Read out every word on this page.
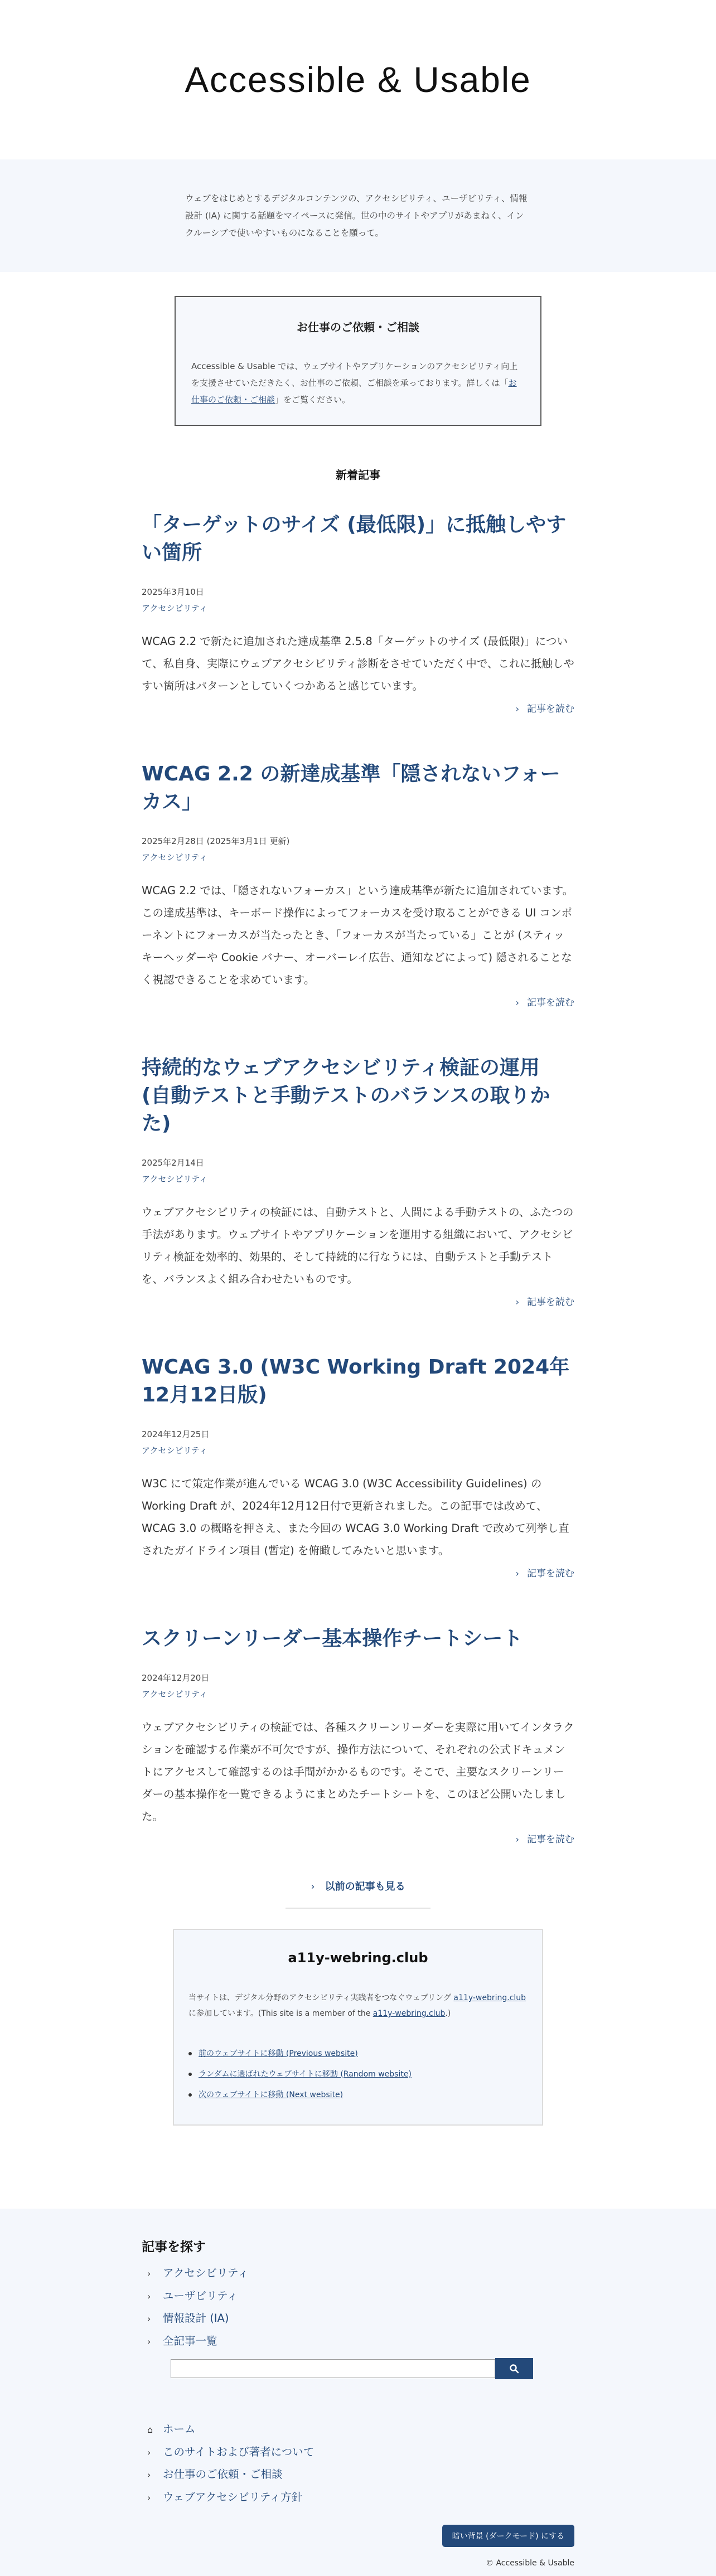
Accessible & Usable

ウェブをはじめとするデジタルコンテンツの、アクセシビリティ、ユーザビリティ、情報設計 (IA) に関する話題をマイペースに発信。世の中のサイトやアプリがあまねく、インクルーシブで使いやすいものになることを願って。

お仕事のご依頼・ご相談

Accessible & Usable では、ウェブサイトやアプリケーションのアクセシビリティ向上を支援させていただきたく、お仕事のご依頼、ご相談を承っております。詳しくは「お仕事のご依頼・ご相談」をご覧ください。

新着記事
「ターゲットのサイズ (最低限)」に抵触しやすい箇所
2025年3月10日
アクセシビリティ

WCAG 2.2 で新たに追加された達成基準 2.5.8「ターゲットのサイズ (最低限)」について、私自身、実際にウェブアクセシビリティ診断をさせていただく中で、これに抵触しやすい箇所はパターンとしていくつかあると感じています。

› 記事を読む
WCAG 2.2 の新達成基準「隠されないフォーカス」
2025年2月28日 (2025年3月1日 更新)
アクセシビリティ

WCAG 2.2 では、「隠されないフォーカス」という達成基準が新たに追加されています。この達成基準は、キーボード操作によってフォーカスを受け取ることができる UI コンポーネントにフォーカスが当たったとき、「フォーカスが当たっている」ことが (スティッキーヘッダーや Cookie バナー、オーバーレイ広告、通知などによって) 隠されることなく視認できることを求めています。

› 記事を読む
持続的なウェブアクセシビリティ検証の運用 (自動テストと手動テストのバランスの取りかた)
2025年2月14日
アクセシビリティ

ウェブアクセシビリティの検証には、自動テストと、人間による手動テストの、ふたつの手法があります。ウェブサイトやアプリケーションを運用する組織において、アクセシビリティ検証を効率的、効果的、そして持続的に行なうには、自動テストと手動テストを、バランスよく組み合わせたいものです。

› 記事を読む
WCAG 3.0 (W3C Working Draft 2024年12月12日版)
2024年12月25日
アクセシビリティ

W3C にて策定作業が進んでいる WCAG 3.0 (W3C Accessibility Guidelines) の Working Draft が、2024年12月12日付で更新されました。この記事では改めて、WCAG 3.0 の概略を押さえ、また今回の WCAG 3.0 Working Draft で改めて列挙し直されたガイドライン項目 (暫定) を俯瞰してみたいと思います。

› 記事を読む
スクリーンリーダー基本操作チートシート
2024年12月20日
アクセシビリティ

ウェブアクセシビリティの検証では、各種スクリーンリーダーを実際に用いてインタラクションを確認する作業が不可欠ですが、操作方法について、それぞれの公式ドキュメントにアクセスして確認するのは手間がかかるものです。そこで、主要なスクリーンリーダーの基本操作を一覧できるようにまとめたチートシートを、このほど公開いたしました。

› 記事を読む
› 以前の記事も見る
a11y-webring.club

当サイトは、デジタル分野のアクセシビリティ実践者をつなぐウェブリング a11y-webring.club に参加しています。(This site is a member of the a11y-webring.club.)

前のウェブサイトに移動 (Previous website)
ランダムに選ばれたウェブサイトに移動 (Random website)
次のウェブサイトに移動 (Next website)
記事を探す
› アクセシビリティ
› ユーザビリティ
› 情報設計 (IA)
› 全記事一覧
⌂ ホーム
› このサイトおよび著者について
› お仕事のご依頼・ご相談
› ウェブアクセシビリティ方針
暗い背景 (ダークモード) にする
© Accessible & Usable
